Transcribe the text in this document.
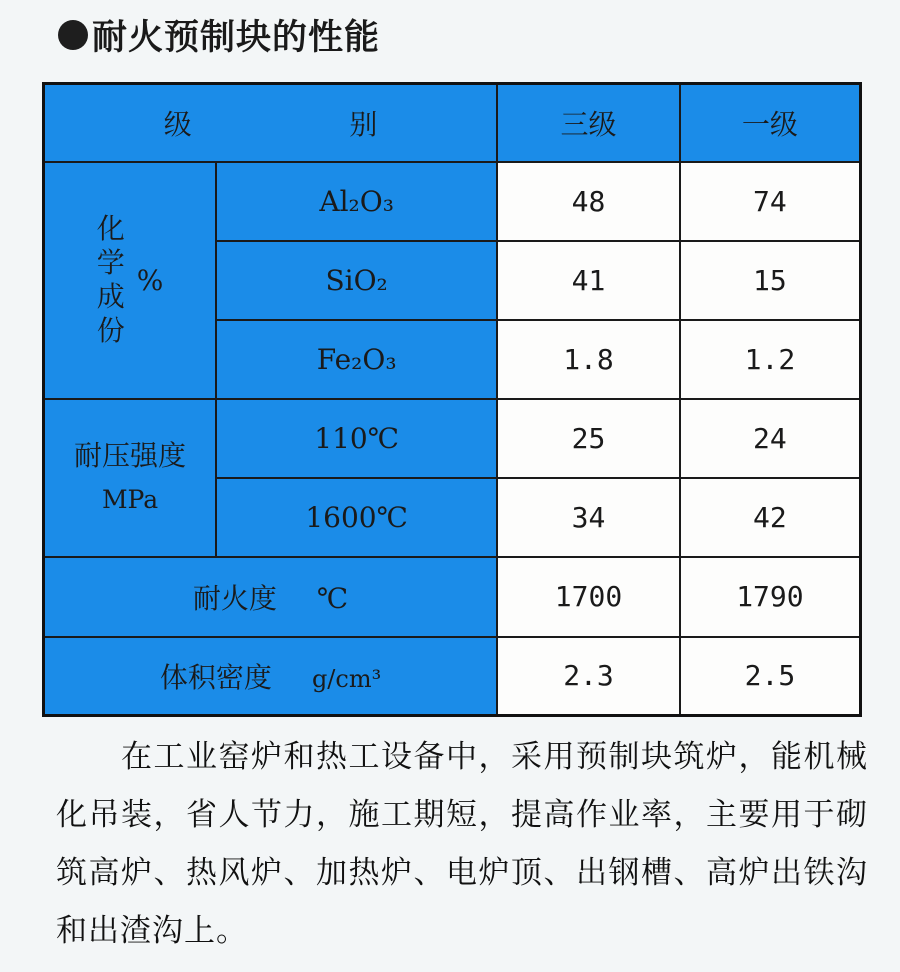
耐火预制块的性能
级 别		三级	一级

化
学
成
份
%	Al₂O₃	48	74
	SiO₂	41	15
	Fe₂O₃	1.8	1.2

耐压强度
MPa	110℃	25	24
	1600℃	34	42
耐火度 ℃		1700	1790
体积密度 g/cm³		2.3	2.5
　　在工业窑炉和热工设备中，采用预制块筑炉，能机械化吊装，省人节力，施工期短，提高作业率，主要用于砌筑高炉、热风炉、加热炉、电炉顶、出钢槽、高炉出铁沟和出渣沟上。
